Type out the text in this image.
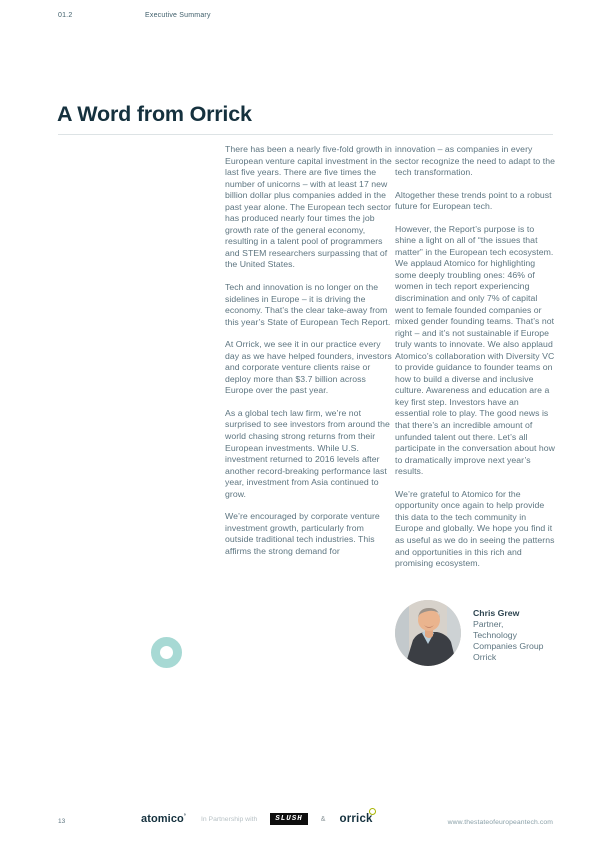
01.2	Executive Summary
A Word from Orrick

There has been a nearly five-fold growth in European venture capital investment in the last five years. There are five times the number of unicorns – with at least 17 new billion dollar plus companies added in the past year alone. The European tech sector has produced nearly four times the job growth rate of the general economy, resulting in a talent pool of programmers and STEM researchers surpassing that of the United States.

Tech and innovation is no longer on the sidelines in Europe – it is driving the economy. That’s the clear take-away from this year’s State of European Tech Report.

At Orrick, we see it in our practice every day as we have helped founders, investors and corporate venture clients raise or deploy more than $3.7 billion across Europe over the past year.

As a global tech law firm, we’re not surprised to see investors from around the world chasing strong returns from their European investments. While U.S. investment returned to 2016 levels after another record-breaking performance last year, investment from Asia continued to grow.

We’re encouraged by corporate venture investment growth, particularly from outside traditional tech industries. This affirms the strong demand for

innovation – as companies in every sector recognize the need to adapt to the tech transformation.

Altogether these trends point to a robust future for European tech.

However, the Report’s purpose is to shine a light on all of “the issues that matter” in the European tech ecosystem. We applaud Atomico for highlighting some deeply troubling ones: 46% of women in tech report experiencing discrimination and only 7% of capital went to female founded companies or mixed gender founding teams. That’s not right – and it’s not sustainable if Europe truly wants to innovate. We also applaud Atomico’s collaboration with Diversity VC to provide guidance to founder teams on how to build a diverse and inclusive culture. Awareness and education are a key first step. Investors have an essential role to play. The good news is that there’s an incredible amount of unfunded talent out there. Let’s all participate in the conversation about how to dramatically improve next year’s results.

We’re grateful to Atomico for the opportunity once again to help provide this data to the tech community in Europe and globally. We hope you find it as useful as we do in seeing the patterns and opportunities in this rich and promising ecosystem.

Chris Grew
Partner,
Technology
Companies Group
Orrick
13	atomico° In Partnership with	SLUSH	& orrick	www.thestateofeuropeantech.com
